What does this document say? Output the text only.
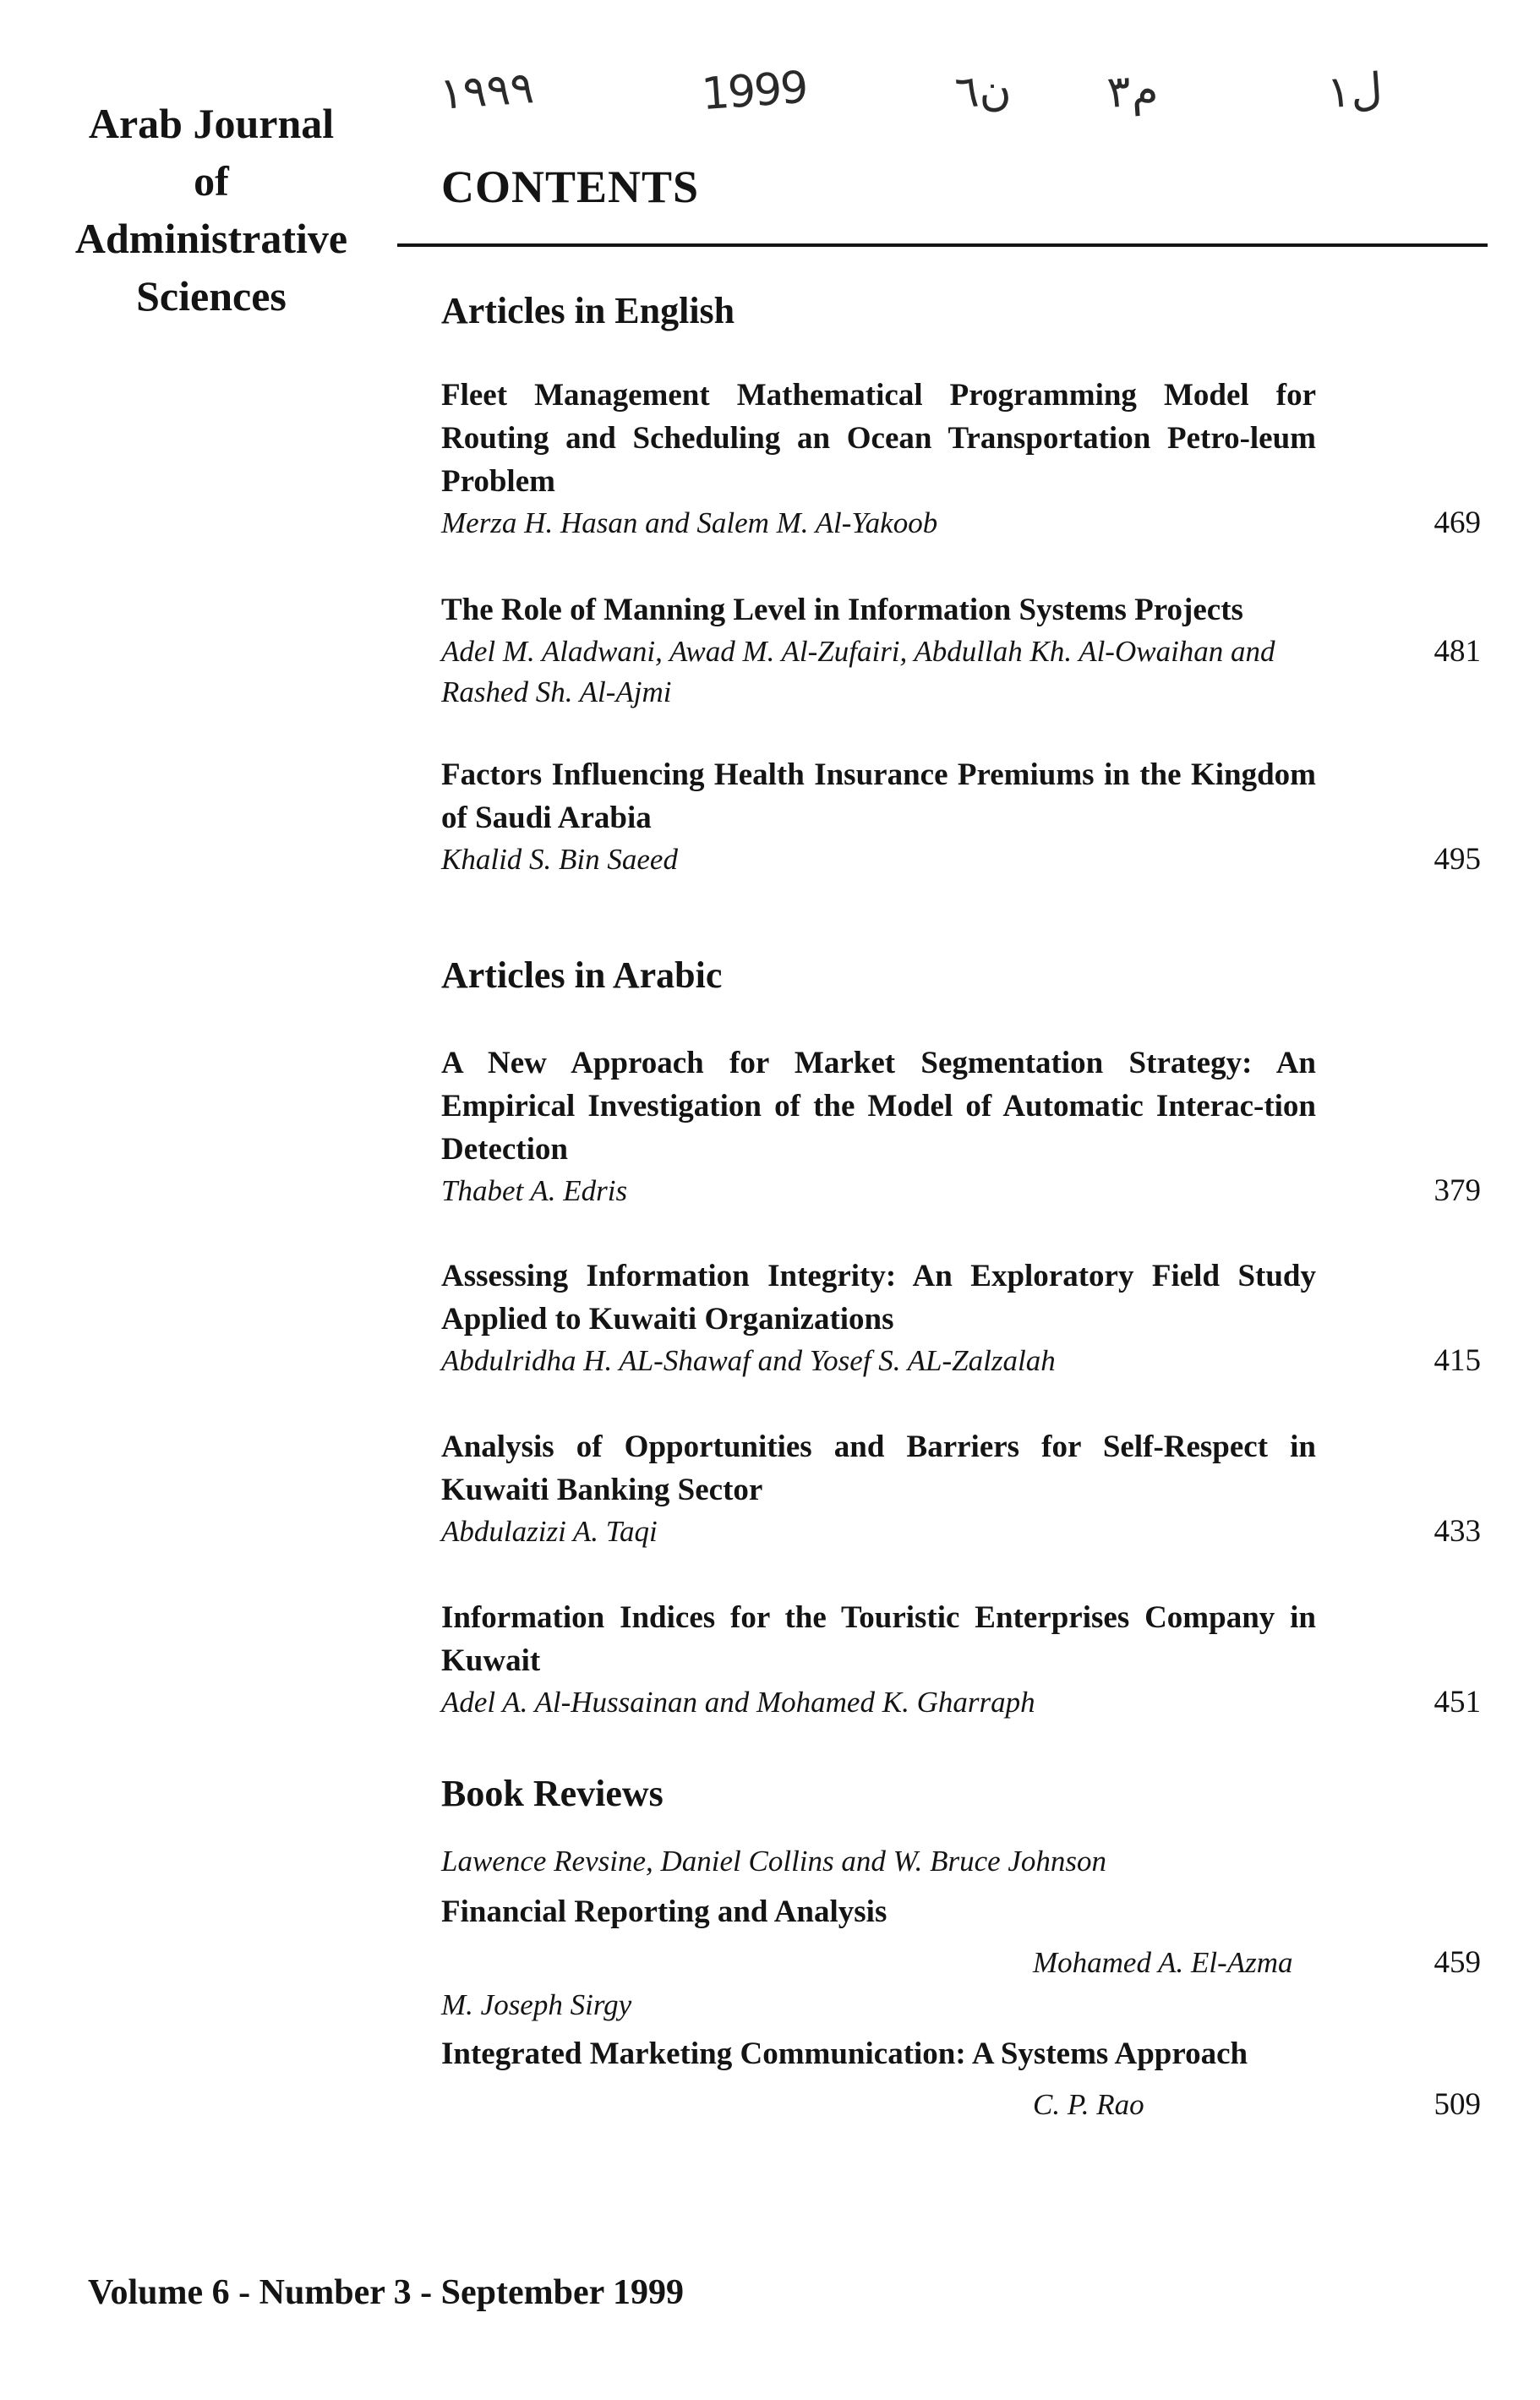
Arab Journal
of
Administrative
Sciences
١٩٩٩	1999	ن٦ م٣	ل١
CONTENTS
Articles in English
Fleet Management Mathematical Programming Model for Routing and Scheduling an Ocean Transportation Petro-leum Problem
Merza H. Hasan and Salem M. Al-Yakoob	469
The Role of Manning Level in Information Systems Projects
Adel M. Aladwani, Awad M. Al-Zufairi, Abdullah Kh. Al-Owaihan and Rashed Sh. Al-Ajmi
481
Factors Influencing Health Insurance Premiums in the Kingdom of Saudi Arabia
Khalid S. Bin Saeed	495
Articles in Arabic
A New Approach for Market Segmentation Strategy: An Empirical Investigation of the Model of Automatic Interac-tion Detection
Thabet A. Edris	379
Assessing Information Integrity: An Exploratory Field Study Applied to Kuwaiti Organizations
Abdulridha H. AL-Shawaf and Yosef S. AL-Zalzalah	415
Analysis of Opportunities and Barriers for Self-Respect in Kuwaiti Banking Sector
Abdulazizi A. Taqi	433
Information Indices for the Touristic Enterprises Company in Kuwait
Adel A. Al-Hussainan and Mohamed K. Gharraph	451
Book Reviews
Lawence Revsine, Daniel Collins and W. Bruce Johnson
Financial Reporting and Analysis
Mohamed A. El-Azma	459
M. Joseph Sirgy
Integrated Marketing Communication: A Systems Approach
C. P. Rao	509
Volume 6 - Number 3 - September 1999
